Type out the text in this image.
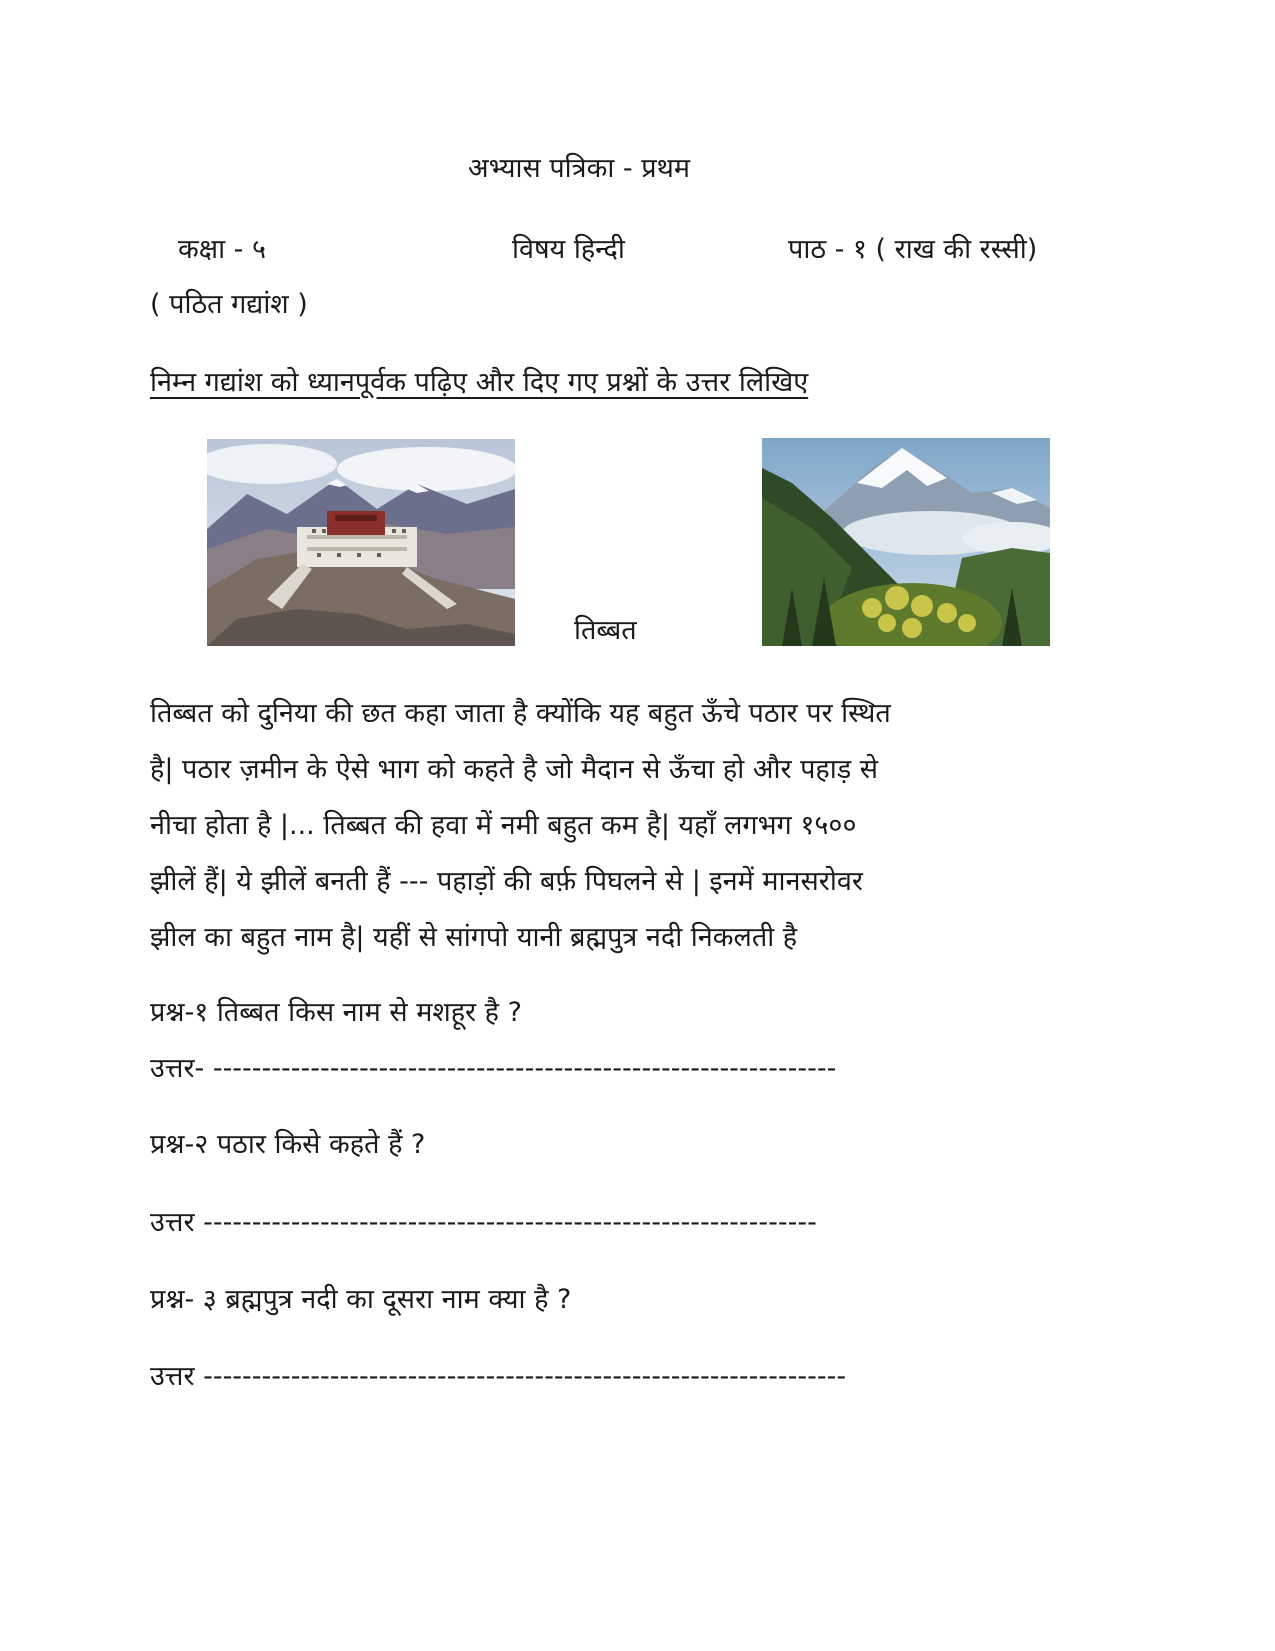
अभ्यास पत्रिका - प्रथम
कक्षा - ५	विषय हिन्दी	पाठ - १ ( राख की रस्सी)
( पठित गद्यांश )
निम्न गद्यांश को ध्यानपूर्वक पढ़िए और दिए गए प्रश्नों के उत्तर लिखिए
तिब्बत
तिब्बत को दुनिया की छत कहा जाता है क्योंकि यह बहुत ऊँचे पठार पर स्थित
है| पठार ज़मीन के ऐसे भाग को कहते है जो मैदान से ऊँचा हो और पहाड़ से
नीचा होता है |... तिब्बत की हवा में नमी बहुत कम है| यहाँ लगभग १५००
झीलें हैं| ये झीलें बनती हैं --- पहाड़ों की बर्फ़ पिघलने से | इनमें मानसरोवर
झील का बहुत नाम है| यहीं से सांगपो यानी ब्रह्मपुत्र नदी निकलती है
प्रश्न-१ तिब्बत किस नाम से मशहूर है ?
उत्तर- ----------------------------------------------------------------
प्रश्न-२ पठार किसे कहते हैं ?
उत्तर ---------------------------------------------------------------
प्रश्न- ३ ब्रह्मपुत्र नदी का दूसरा नाम क्या है ?
उत्तर ------------------------------------------------------------------
